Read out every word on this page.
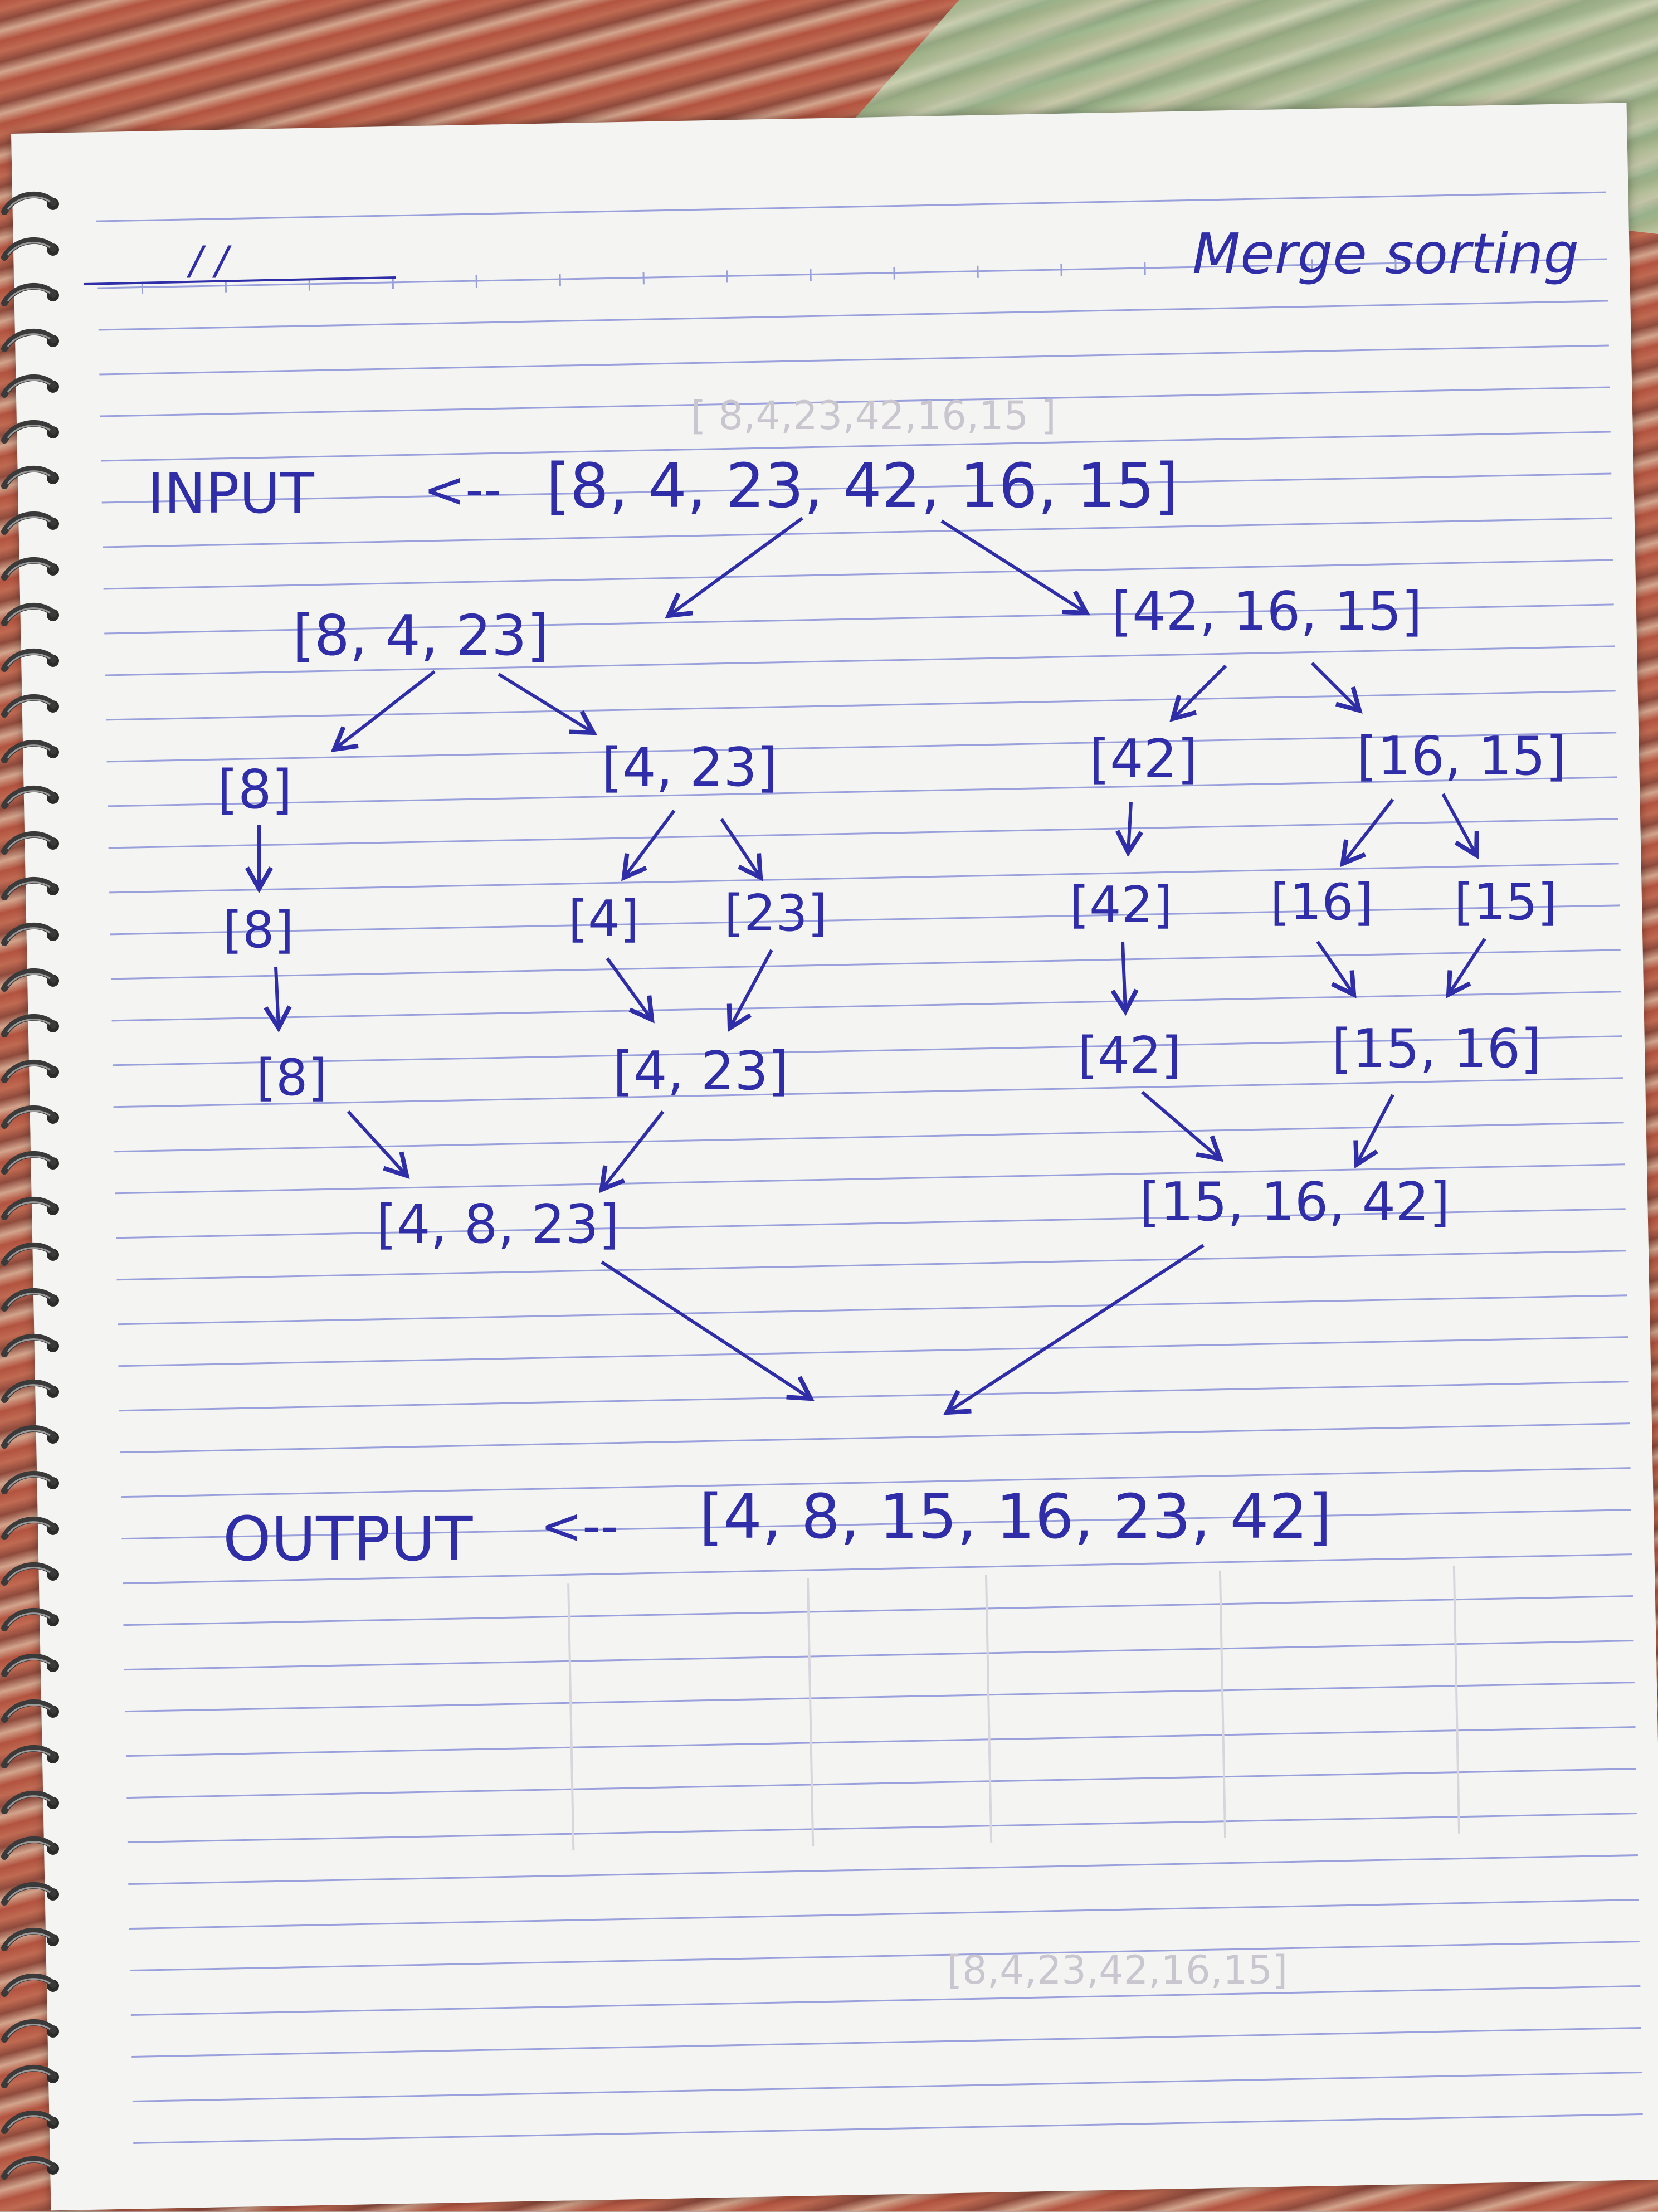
[ 8,4,23,42,16,15 ]
[8,4,23,42,16,15]
/ /	Merge sorting
INPUT <-- [8, 4, 23, 42, 16, 15]
[8, 4, 23]	[42, 16, 15]
[8]	[4, 23]	[42]	[16, 15]
[8]	[4] [23]	[42] [16] [15]
[8]	[4, 23]	[42]	[15, 16]
[4, 8, 23]	[15, 16, 42]
OUTPUT <-- [4, 8, 15, 16, 23, 42]
